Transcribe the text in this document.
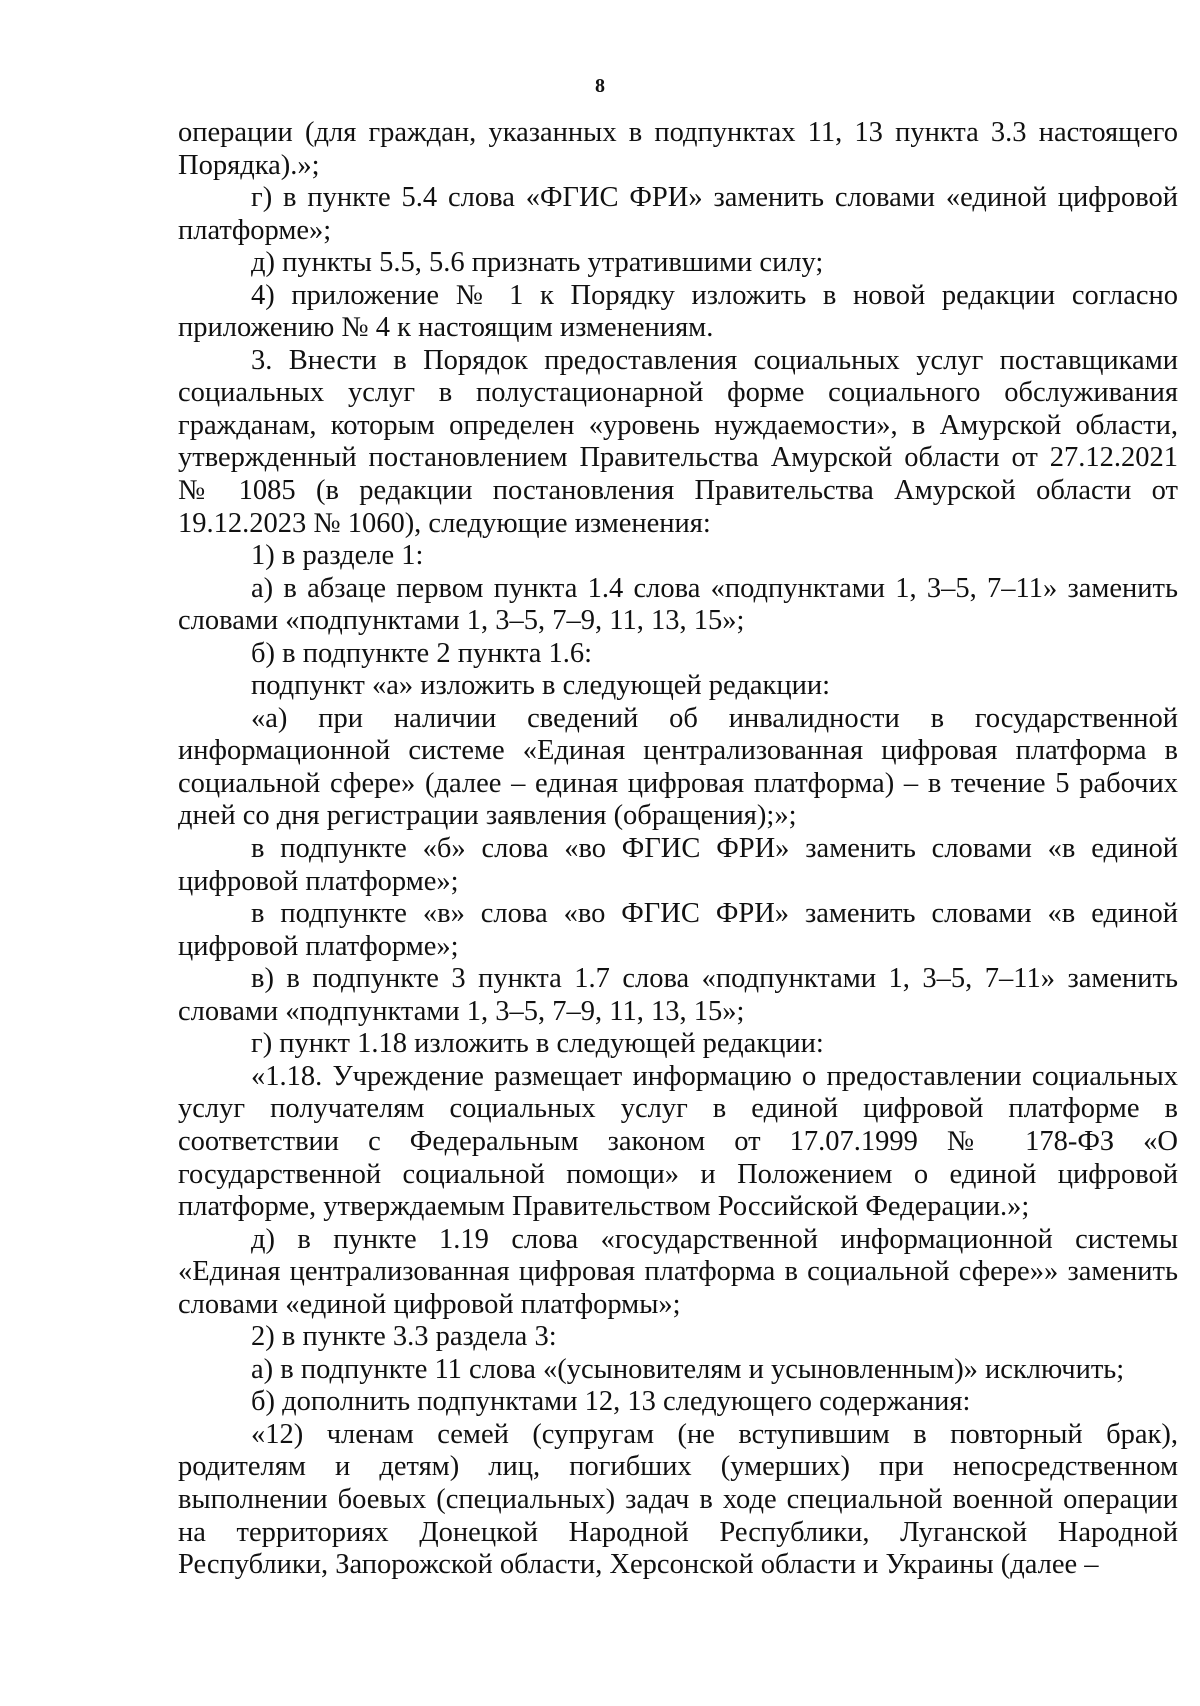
8

операции (для граждан, указанных в подпунктах 11, 13 пункта 3.3 настоящего Порядка).»;

г) в пункте 5.4 слова «ФГИС ФРИ» заменить словами «единой цифровой платформе»;

д) пункты 5.5, 5.6 признать утратившими силу;

4) приложение № 1 к Порядку изложить в новой редакции согласно приложению № 4 к настоящим изменениям.

3. Внести в Порядок предоставления социальных услуг поставщиками социальных услуг в полустационарной форме социального обслуживания гражданам, которым определен «уровень нуждаемости», в Амурской области, утвержденный постановлением Правительства Амурской области от 27.12.2021 № 1085 (в редакции постановления Правительства Амурской области от 19.12.2023 № 1060), следующие изменения:

1) в разделе 1:

а) в абзаце первом пункта 1.4 слова «подпунктами 1, 3–5, 7–11» заменить словами «подпунктами 1, 3–5, 7–9, 11, 13, 15»;

б) в подпункте 2 пункта 1.6:

подпункт «а» изложить в следующей редакции:

«а) при наличии сведений об инвалидности в государственной информационной системе «Единая централизованная цифровая платформа в социальной сфере» (далее – единая цифровая платформа) – в течение 5 рабочих дней со дня регистрации заявления (обращения);»;

в подпункте «б» слова «во ФГИС ФРИ» заменить словами «в единой цифровой платформе»;

в подпункте «в» слова «во ФГИС ФРИ» заменить словами «в единой цифровой платформе»;

в) в подпункте 3 пункта 1.7 слова «подпунктами 1, 3–5, 7–11» заменить словами «подпунктами 1, 3–5, 7–9, 11, 13, 15»;

г) пункт 1.18 изложить в следующей редакции:

«1.18. Учреждение размещает информацию о предоставлении социальных услуг получателям социальных услуг в единой цифровой платформе в соответствии с Федеральным законом от 17.07.1999 № 178-ФЗ «О государственной социальной помощи» и Положением о единой цифровой платформе, утверждаемым Правительством Российской Федерации.»;

д) в пункте 1.19 слова «государственной информационной системы «Единая централизованная цифровая платформа в социальной сфере»» заменить словами «единой цифровой платформы»;

2) в пункте 3.3 раздела 3:

а) в подпункте 11 слова «(усыновителям и усыновленным)» исключить;

б) дополнить подпунктами 12, 13 следующего содержания:

«12) членам семей (супругам (не вступившим в повторный брак), родителям и детям) лиц, погибших (умерших) при непосредственном выполнении боевых (специальных) задач в ходе специальной военной операции на территориях Донецкой Народной Республики, Луганской Народной Республики, Запорожской области, Херсонской области и Украины (далее –
